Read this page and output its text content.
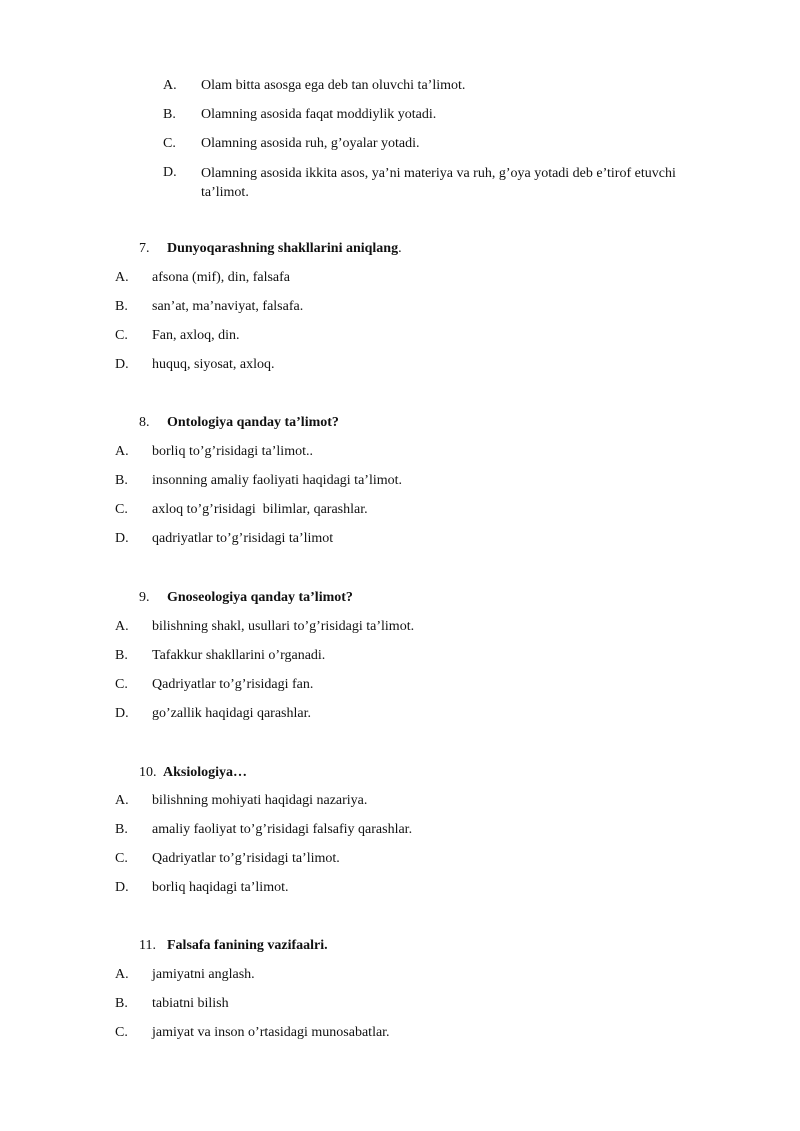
A. Olam bitta asosga ega deb tan oluvchi ta’limot.
B. Olamning asosida faqat moddiylik yotadi.
C. Olamning asosida ruh, g’oyalar yotadi.
D. Olamning asosida ikkita asos, ya’ni materiya va ruh, g’oya yotadi deb e’tirof etuvchi ta’limot.
7. Dunyoqarashning shakllarini aniqlang.
A. afsona (mif), din, falsafa
B. san’at, ma’naviyat, falsafa.
C. Fan, axloq, din.
D. huquq, siyosat, axloq.
8. Ontologiya qanday ta’limot?
A. borliq to’g’risidagi ta’limot..
B. insonning amaliy faoliyati haqidagi ta’limot.
C. axloq to’g’risidagi  bilimlar, qarashlar.
D. qadriyatlar to’g’risidagi ta’limot
9. Gnoseologiya qanday ta’limot?
A. bilishning shakl, usullari to’g’risidagi ta’limot.
B. Tafakkur shakllarini o’rganadi.
C. Qadriyatlar to’g’risidagi fan.
D. go’zallik haqidagi qarashlar.
10. Aksiologiya…
A. bilishning mohiyati haqidagi nazariya.
B. amaliy faoliyat to’g’risidagi falsafiy qarashlar.
C. Qadriyatlar to’g’risidagi ta’limot.
D. borliq haqidagi ta’limot.
11. Falsafa fanining vazifaalri.
A. jamiyatni anglash.
B. tabiatni bilish
C. jamiyat va inson o’rtasidagi munosabatlar.
